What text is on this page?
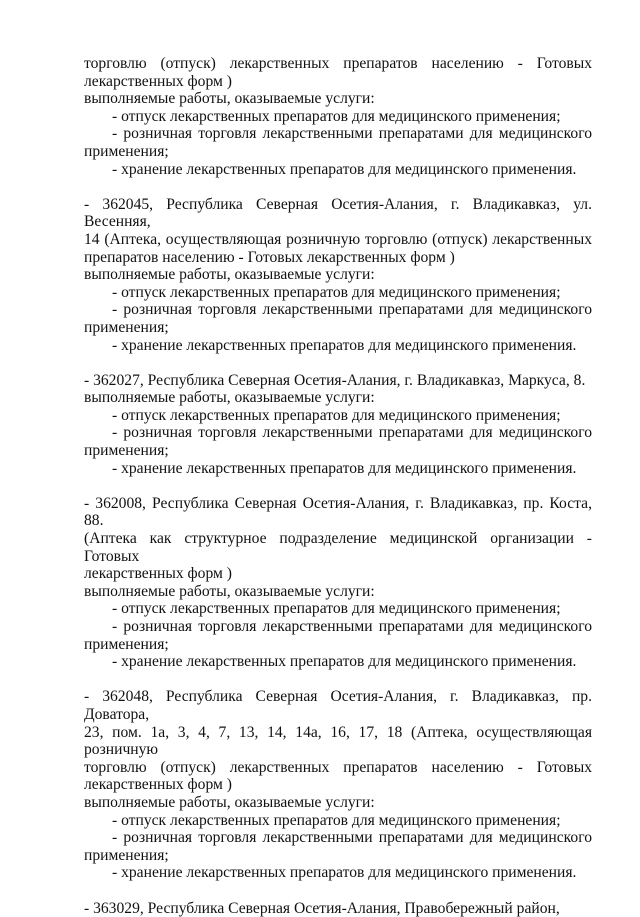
торговлю (отпуск) лекарственных препаратов населению - Готовых
лекарственных форм )
выполняемые работы, оказываемые услуги:
- отпуск лекарственных препаратов для медицинского применения;
- розничная торговля лекарственными препаратами для медицинского
применения;
- хранение лекарственных препаратов для медицинского применения.
- 362045, Республика Северная Осетия-Алания, г. Владикавказ, ул. Весенняя,
14 (Аптека, осуществляющая розничную торговлю (отпуск) лекарственных
препаратов населению - Готовых лекарственных форм )
выполняемые работы, оказываемые услуги:
- отпуск лекарственных препаратов для медицинского применения;
- розничная торговля лекарственными препаратами для медицинского
применения;
- хранение лекарственных препаратов для медицинского применения.
- 362027, Республика Северная Осетия-Алания, г. Владикавказ, Маркуса, 8.
выполняемые работы, оказываемые услуги:
- отпуск лекарственных препаратов для медицинского применения;
- розничная торговля лекарственными препаратами для медицинского
применения;
- хранение лекарственных препаратов для медицинского применения.
- 362008, Республика Северная Осетия-Алания, г. Владикавказ, пр. Коста, 88.
(Аптека как структурное подразделение медицинской организации - Готовых
лекарственных форм )
выполняемые работы, оказываемые услуги:
- отпуск лекарственных препаратов для медицинского применения;
- розничная торговля лекарственными препаратами для медицинского
применения;
- хранение лекарственных препаратов для медицинского применения.
- 362048, Республика Северная Осетия-Алания, г. Владикавказ, пр. Доватора,
23, пом. 1а, 3, 4, 7, 13, 14, 14а, 16, 17, 18 (Аптека, осуществляющая розничную
торговлю (отпуск) лекарственных препаратов населению - Готовых
лекарственных форм )
выполняемые работы, оказываемые услуги:
- отпуск лекарственных препаратов для медицинского применения;
- розничная торговля лекарственными препаратами для медицинского
применения;
- хранение лекарственных препаратов для медицинского применения.
- 363029, Республика Северная Осетия-Алания, Правобережный район,
